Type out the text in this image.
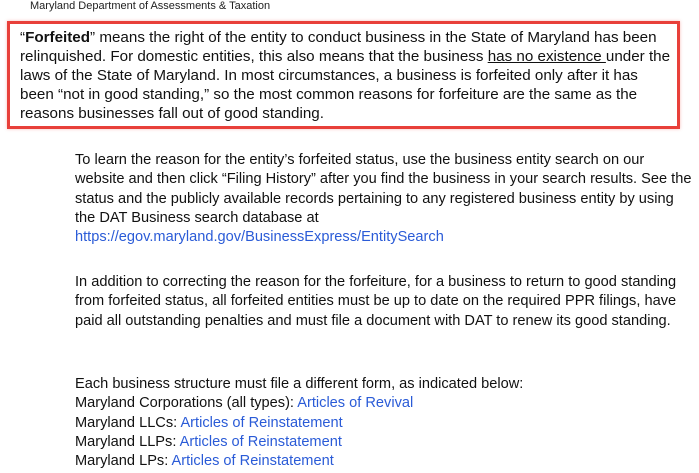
Maryland Department of Assessments & Taxation
“Forfeited” means the right of the entity to conduct business in the State of Maryland has been relinquished. For domestic entities, this also means that the business has no existence under the laws of the State of Maryland. In most circumstances, a business is forfeited only after it has been “not in good standing,” so the most common reasons for forfeiture are the same as the reasons businesses fall out of good standing.
To learn the reason for the entity’s forfeited status, use the business entity search on our website and then click “Filing History” after you find the business in your search results. See the status and the publicly available records pertaining to any registered business entity by using the DAT Business search database at
https://egov.maryland.gov/BusinessExpress/EntitySearch
In addition to correcting the reason for the forfeiture, for a business to return to good standing from forfeited status, all forfeited entities must be up to date on the required PPR filings, have paid all outstanding penalties and must file a document with DAT to renew its good standing.
Each business structure must file a different form, as indicated below:
Maryland Corporations (all types): Articles of Revival
Maryland LLCs: Articles of Reinstatement
Maryland LLPs: Articles of Reinstatement
Maryland LPs: Articles of Reinstatement
